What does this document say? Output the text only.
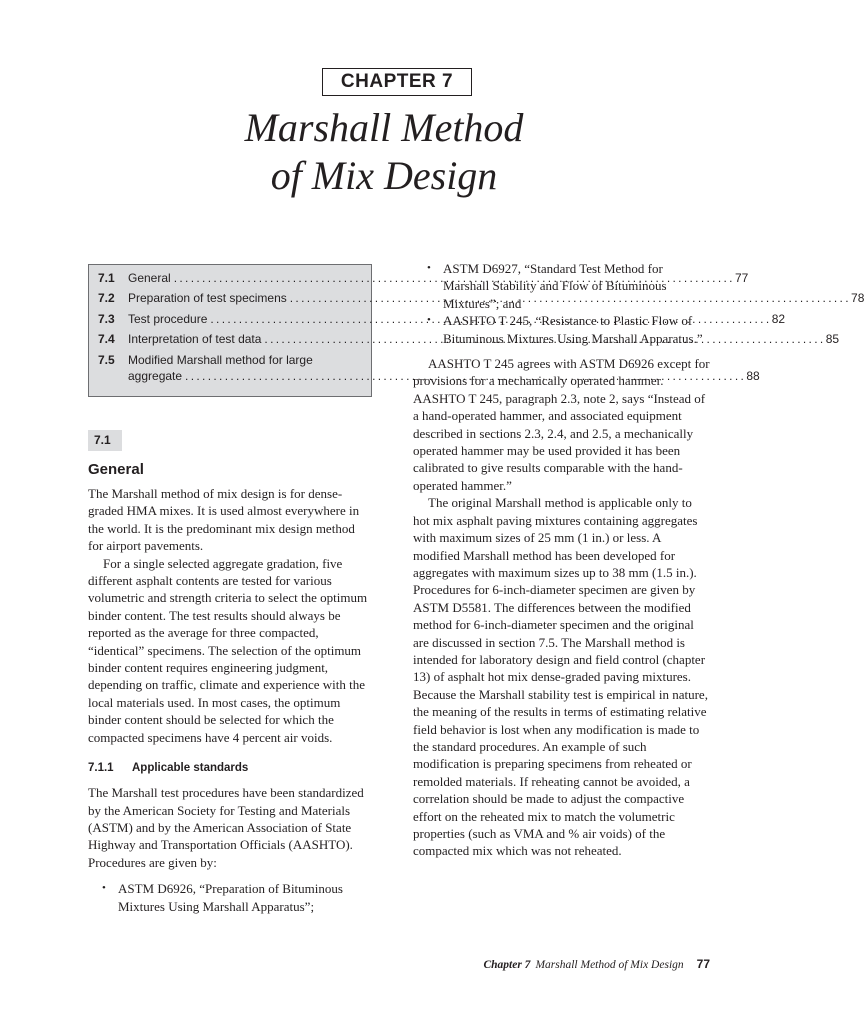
CHAPTER 7
Marshall Method
of Mix Design
7.1	General . . .	77
7.2	Preparation of test specimens . . .	78
7.3	Test procedure . . .	82
7.4	Interpretation of test data . . .	85
7.5	Modified Marshall method for large
aggregate . . .	88
7.1
General

The Marshall method of mix design is for dense-graded HMA mixes. It is used almost everywhere in the world. It is the predominant mix design method for airport pavements.

For a single selected aggregate gradation, five different asphalt contents are tested for various volumetric and strength criteria to select the optimum binder content. The test results should always be reported as the average for three compacted, “identical” specimens. The selection of the optimum binder content requires engineering judgment, depending on traffic, climate and experience with the local materials used. In most cases, the optimum binder content should be selected for which the compacted specimens have 4 percent air voids.

7.1.1 Applicable standards

The Marshall test procedures have been standardized by the American Society for Testing and Materials (ASTM) and by the American Association of State Highway and Transportation Officials (AASHTO). Procedures are given by:

• ASTM D6926, “Preparation of Bituminous Mixtures Using Marshall Apparatus”;
• ASTM D6927, “Standard Test Method for Marshall Stability and Flow of Bituminous Mixtures”; and
• AASHTO T 245, “Resistance to Plastic Flow of Bituminous Mixtures Using Marshall Apparatus.”

AASHTO T 245 agrees with ASTM D6926 except for provisions for a mechanically operated hammer. AASHTO T 245, paragraph 2.3, note 2, says “Instead of a hand-operated hammer, and associated equipment described in sections 2.3, 2.4, and 2.5, a mechanically operated hammer may be used provided it has been calibrated to give results comparable with the hand-operated hammer.”

The original Marshall method is applicable only to hot mix asphalt paving mixtures containing aggregates with maximum sizes of 25 mm (1 in.) or less. A modified Marshall method has been developed for aggregates with maximum sizes up to 38 mm (1.5 in.). Procedures for 6-inch-diameter specimen are given by ASTM D5581. The differences between the modified method for 6-inch-diameter specimen and the original are discussed in section 7.5. The Marshall method is intended for laboratory design and field control (chapter 13) of asphalt hot mix dense-graded paving mixtures. Because the Marshall stability test is empirical in nature, the meaning of the results in terms of estimating relative field behavior is lost when any modification is made to the standard procedures. An example of such modification is preparing specimens from reheated or remolded materials. If reheating cannot be avoided, a correlation should be made to adjust the compactive effort on the reheated mix to match the volumetric properties (such as VMA and % air voids) of the compacted mix which was not reheated.

Chapter 7 Marshall Method of Mix Design 77
